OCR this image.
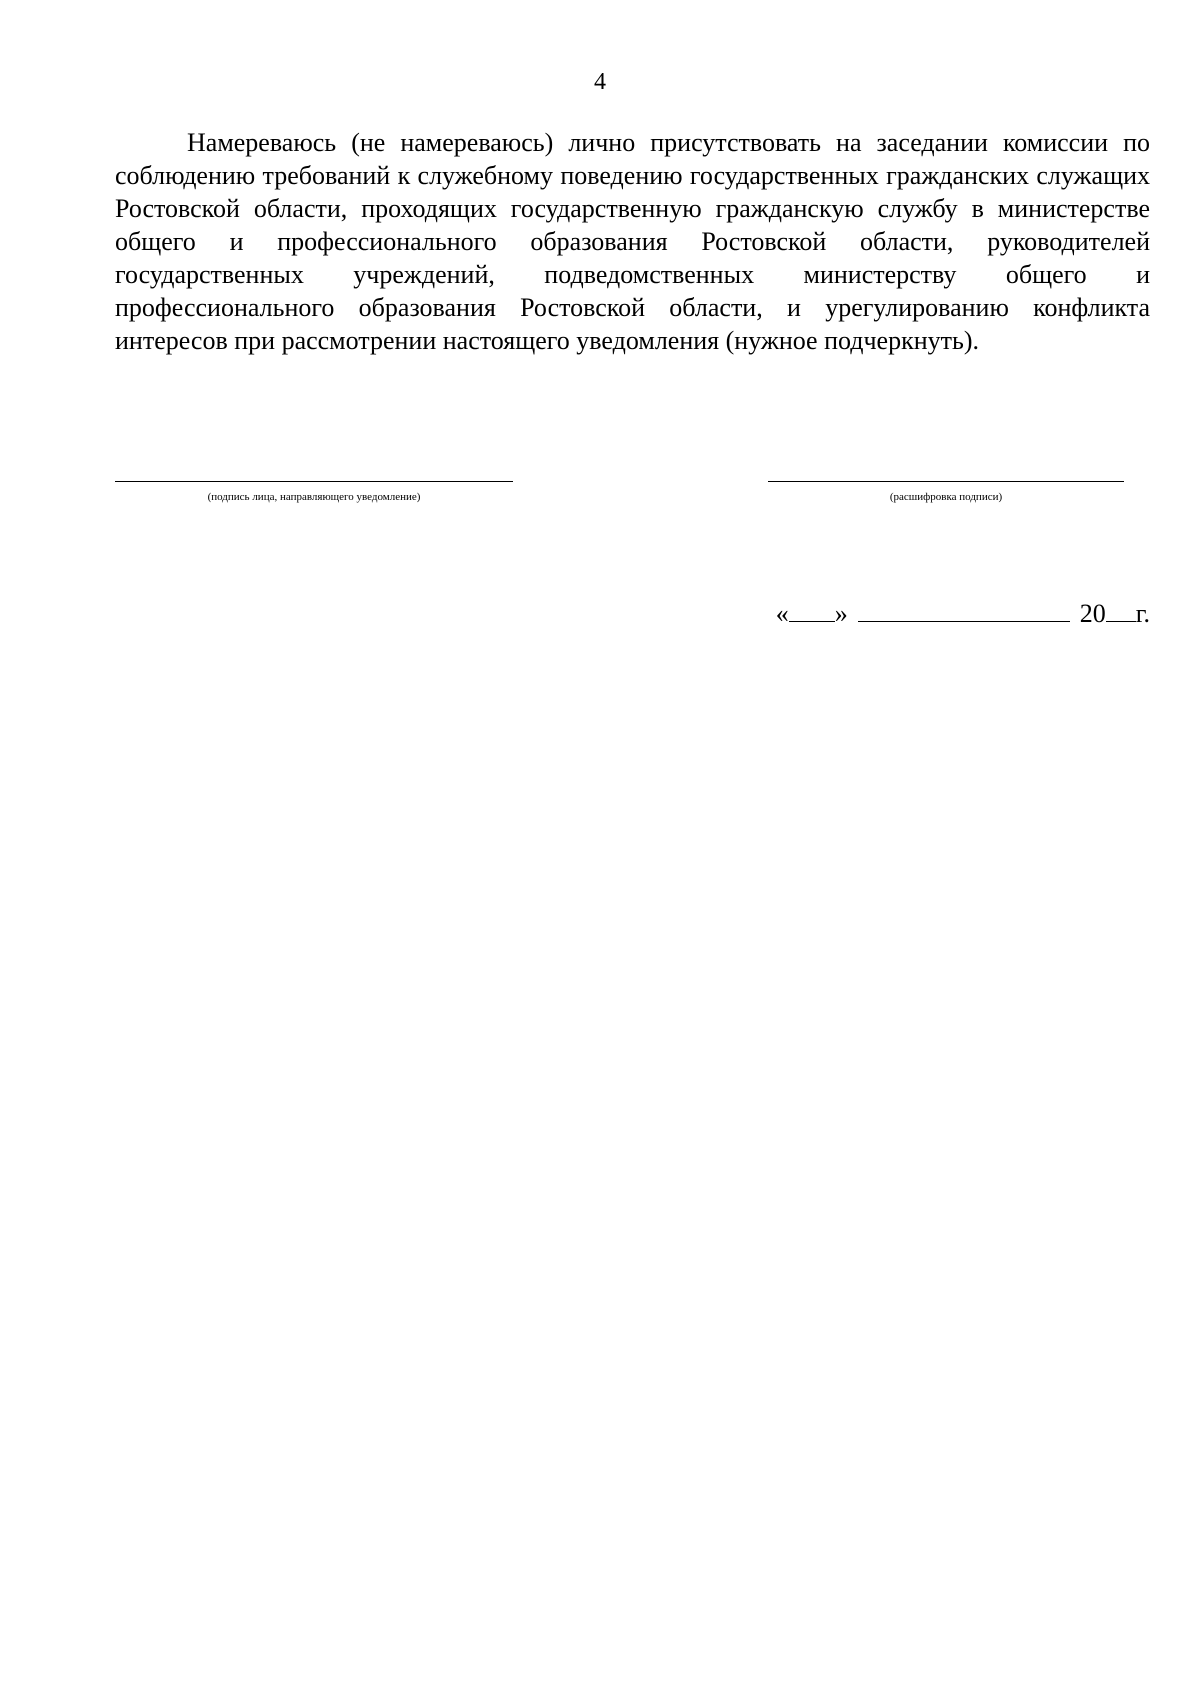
4

Намереваюсь (не намереваюсь) лично присутствовать на заседании комиссии по соблюдению требований к служебному поведению государственных гражданских служащих Ростовской области, проходящих государственную гражданскую службу в министерстве общего и профессионального образования Ростовской области, руководителей государственных учреждений, подведомственных министерству общего и профессионального образования Ростовской области, и урегулированию конфликта интересов при рассмотрении настоящего уведомления (нужное подчеркнуть).

(подпись лица, направляющего уведомление)	(расшифровка подписи)
« »	20 г.
